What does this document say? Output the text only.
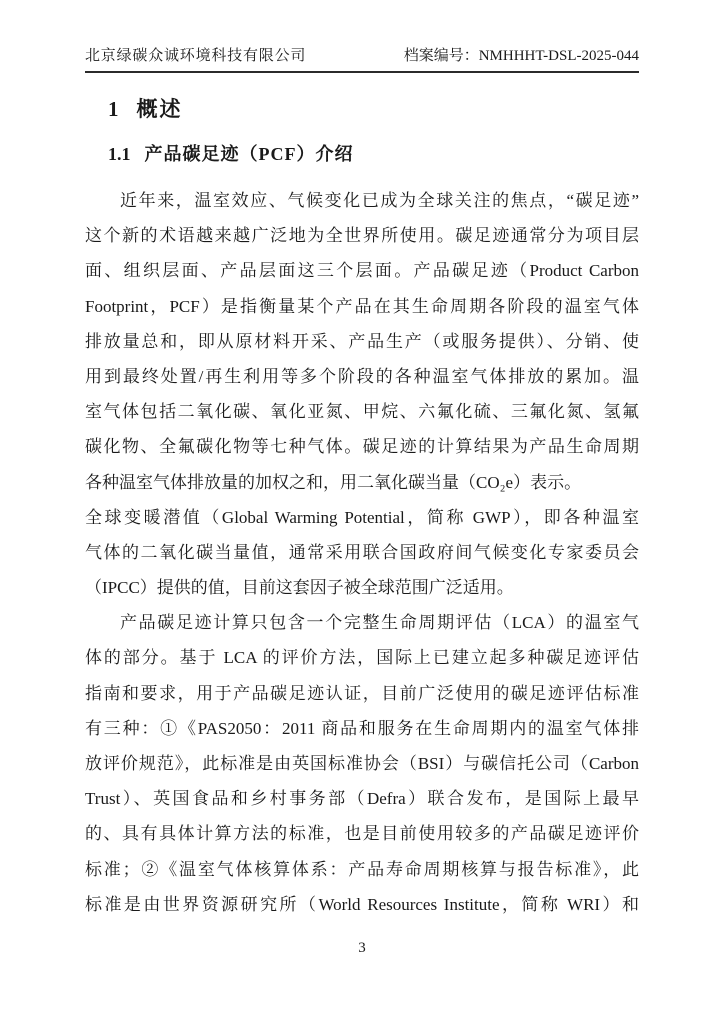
北京绿碳众诚环境科技有限公司	档案编号：NMHHHT-DSL-2025-044
1 概述
1.1 产品碳足迹（PCF）介绍
近年来，温室效应、气候变化已成为全球关注的焦点，“碳足迹”
这个新的术语越来越广泛地为全世界所使用。碳足迹通常分为项目层
面、组织层面、产品层面这三个层面。产品碳足迹（Product Carbon
Footprint，PCF）是指衡量某个产品在其生命周期各阶段的温室气体
排放量总和，即从原材料开采、产品生产（或服务提供）、分销、使
用到最终处置/再生利用等多个阶段的各种温室气体排放的累加。温
室气体包括二氧化碳、氧化亚氮、甲烷、六氟化硫、三氟化氮、氢氟
碳化物、全氟碳化物等七种气体。碳足迹的计算结果为产品生命周期
各种温室气体排放量的加权之和，用二氧化碳当量（CO₂e）表示。
全球变暖潜值（Global Warming Potential，简称 GWP），即各种温室
气体的二氧化碳当量值，通常采用联合国政府间气候变化专家委员会
（IPCC）提供的值，目前这套因子被全球范围广泛适用。
产品碳足迹计算只包含一个完整生命周期评估（LCA）的温室气
体的部分。基于 LCA 的评价方法，国际上已建立起多种碳足迹评估
指南和要求，用于产品碳足迹认证，目前广泛使用的碳足迹评估标准
有三种：①《PAS2050：2011 商品和服务在生命周期内的温室气体排
放评价规范》，此标准是由英国标准协会（BSI）与碳信托公司（Carbon
Trust）、英国食品和乡村事务部（Defra）联合发布，是国际上最早
的、具有具体计算方法的标准，也是目前使用较多的产品碳足迹评价
标准；②《温室气体核算体系：产品寿命周期核算与报告标准》，此
标准是由世界资源研究所（World Resources Institute，简称 WRI）和
3
